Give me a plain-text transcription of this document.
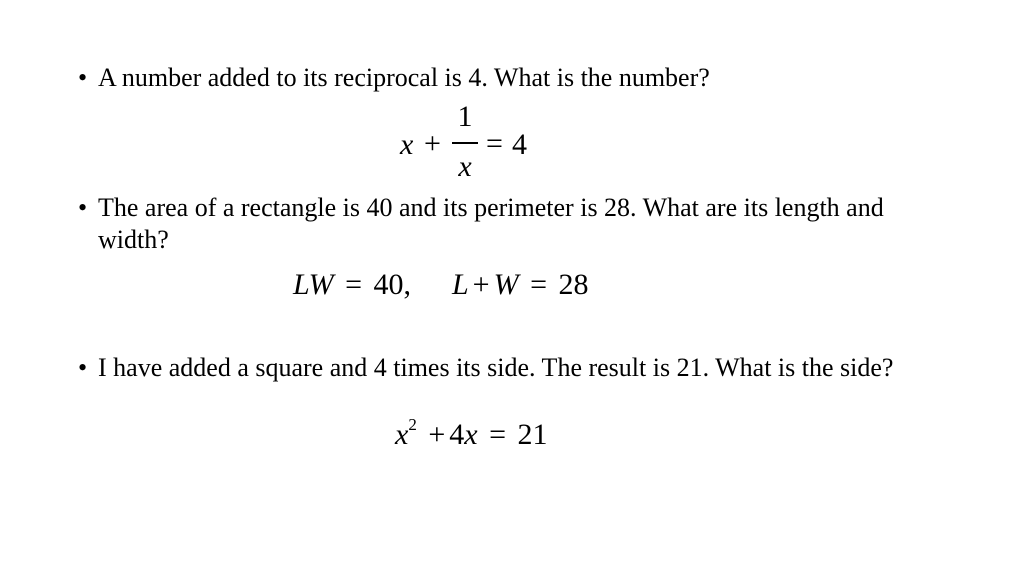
• A number added to its reciprocal is 4. What is the number?
x +
1
x
= 4
• The area of a rectangle is 40 and its perimeter is 28. What are its length and width?
LW = 40, L + W = 28
• I have added a square and 4 times its side. The result is 21. What is the side?
$x^2 + 4x = 21$
